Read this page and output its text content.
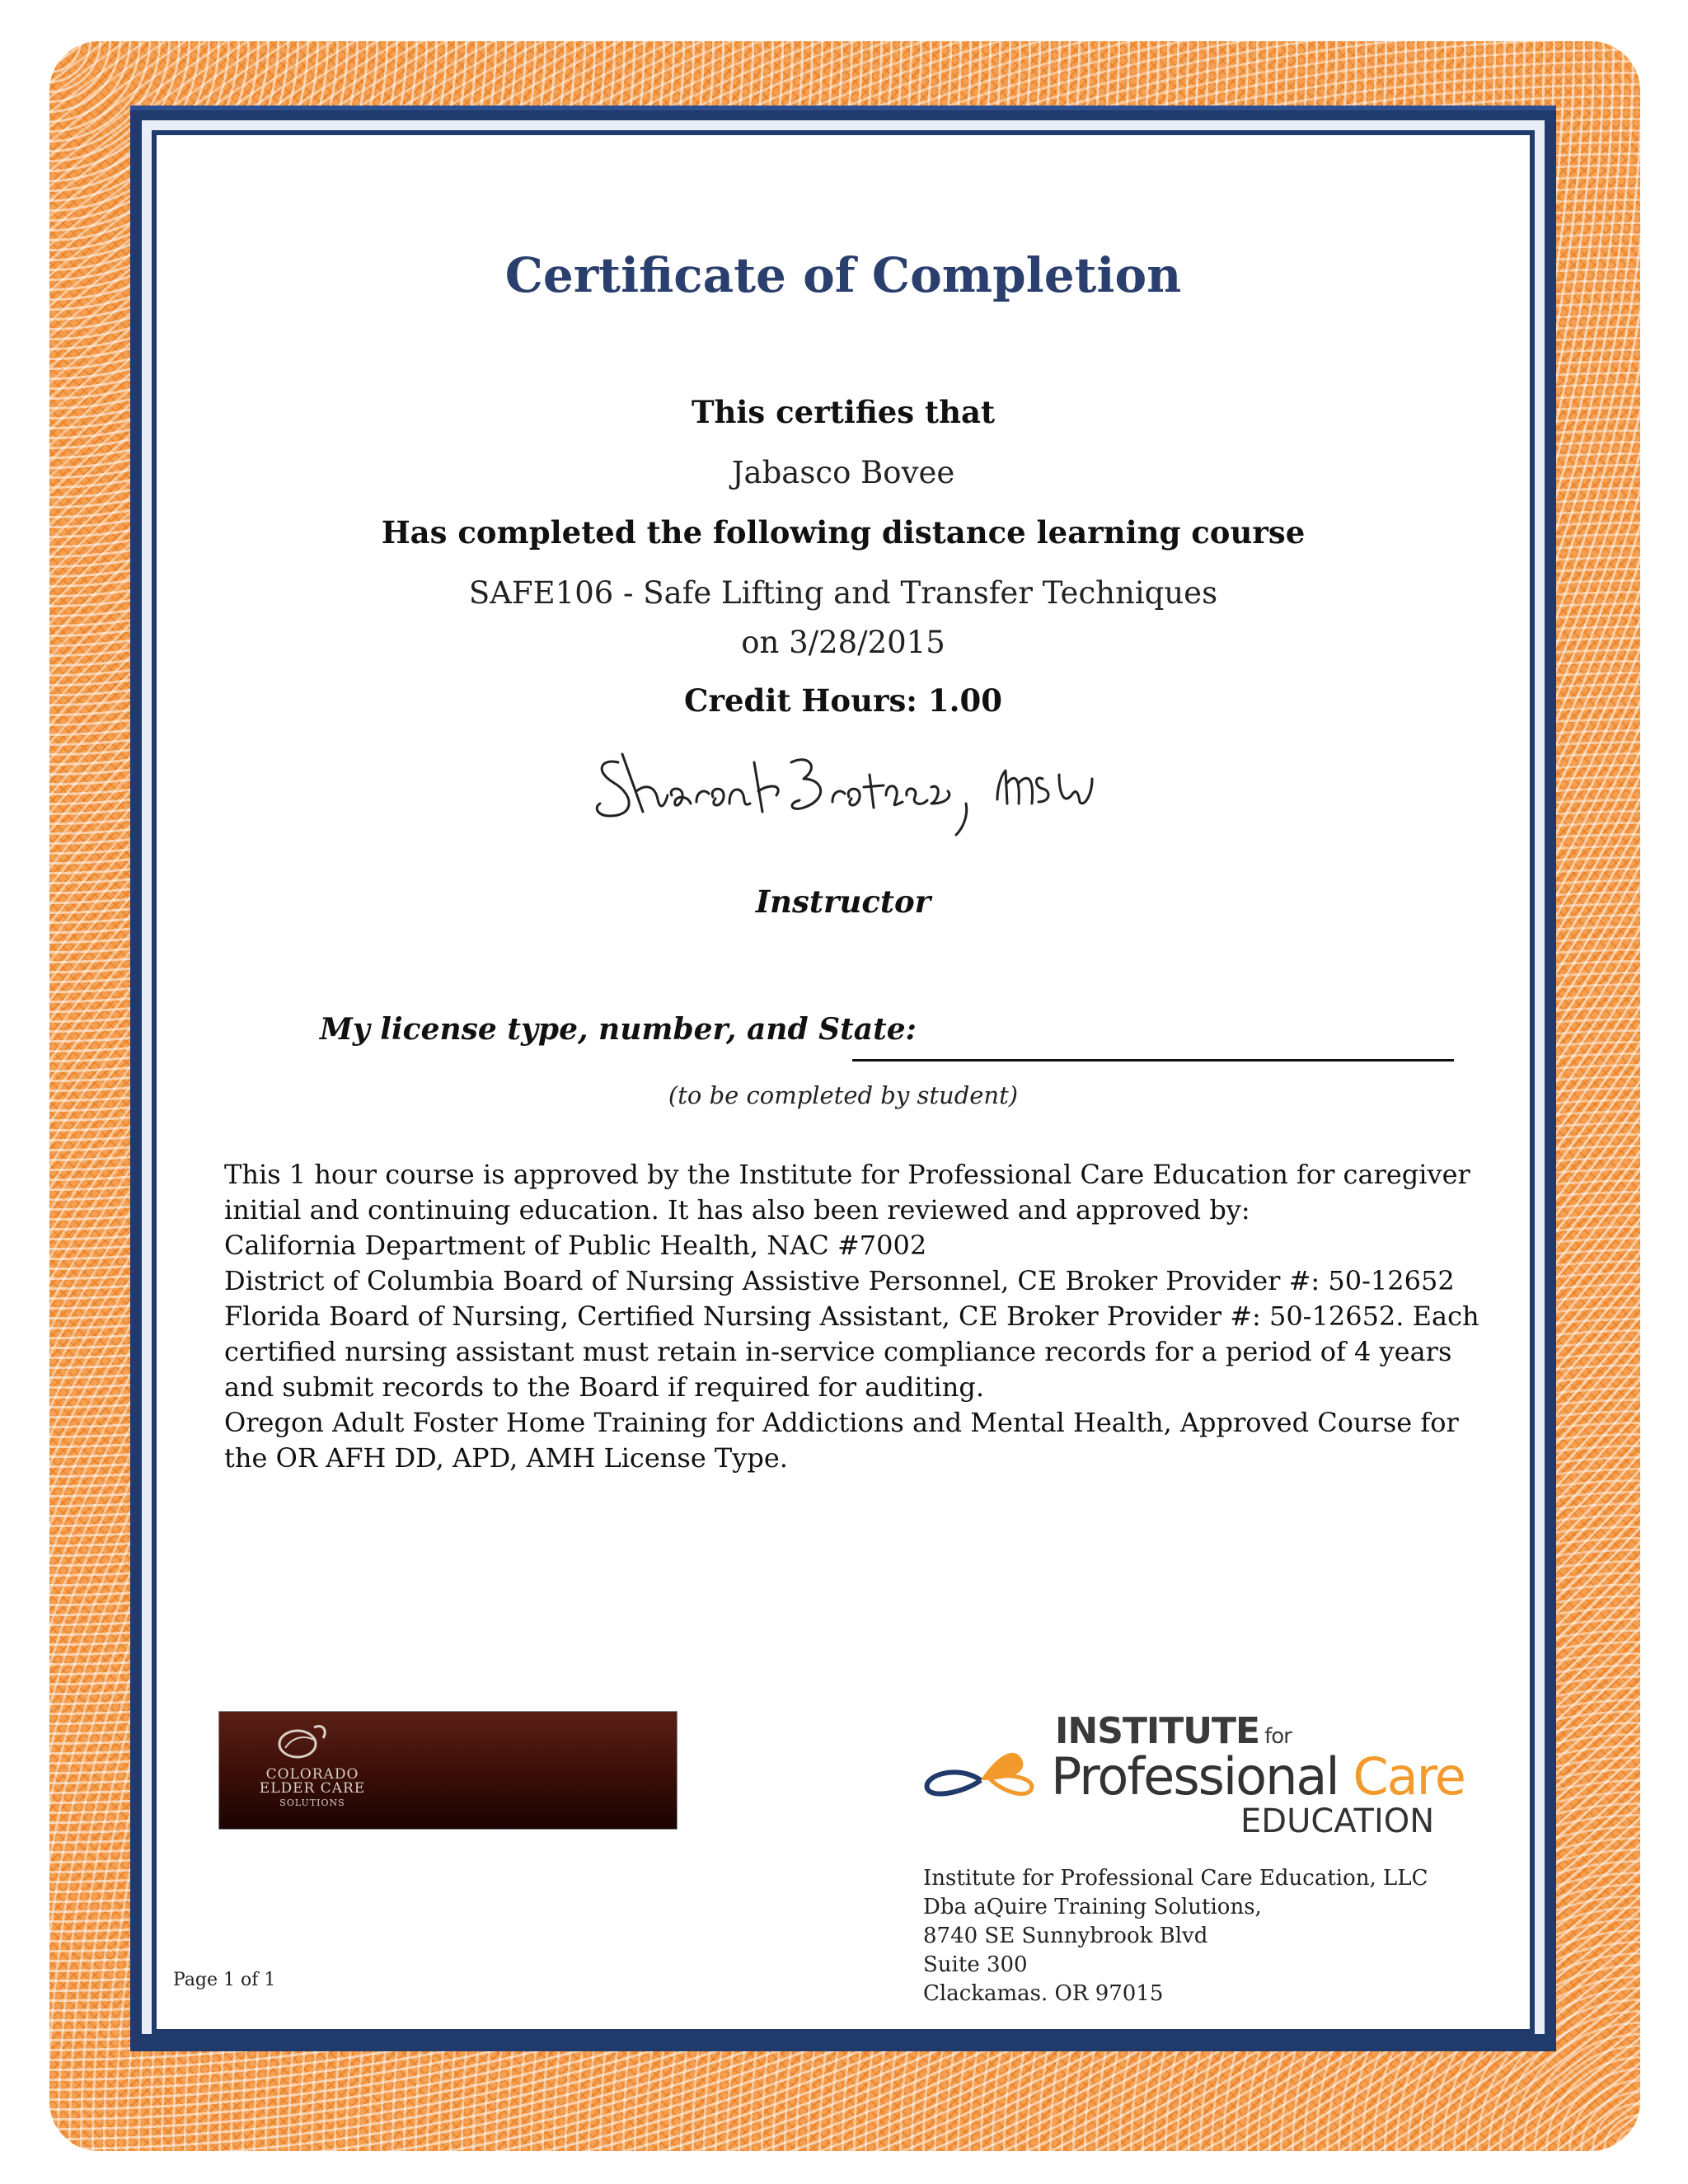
Certificate of Completion
This certifies that
Jabasco Bovee
Has completed the following distance learning course
SAFE106 - Safe Lifting and Transfer Techniques
on 3/28/2015
Credit Hours: 1.00
Instructor
My license type, number, and State:
(to be completed by student)
This 1 hour course is approved by the Institute for Professional Care Education for caregiver
initial and continuing education. It has also been reviewed and approved by:
California Department of Public Health, NAC #7002
District of Columbia Board of Nursing Assistive Personnel, CE Broker Provider #: 50-12652
Florida Board of Nursing, Certified Nursing Assistant, CE Broker Provider #: 50-12652. Each
certified nursing assistant must retain in-service compliance records for a period of 4 years
and submit records to the Board if required for auditing.
Oregon Adult Foster Home Training for Addictions and Mental Health, Approved Course for
the OR AFH DD, APD, AMH License Type.
COLORADO
ELDER CARE
SOLUTIONS
INSTITUTE for
Professional Care
EDUCATION
Institute for Professional Care Education, LLC
Dba aQuire Training Solutions,
8740 SE Sunnybrook Blvd
Suite 300
Clackamas. OR 97015
Page 1 of 1
